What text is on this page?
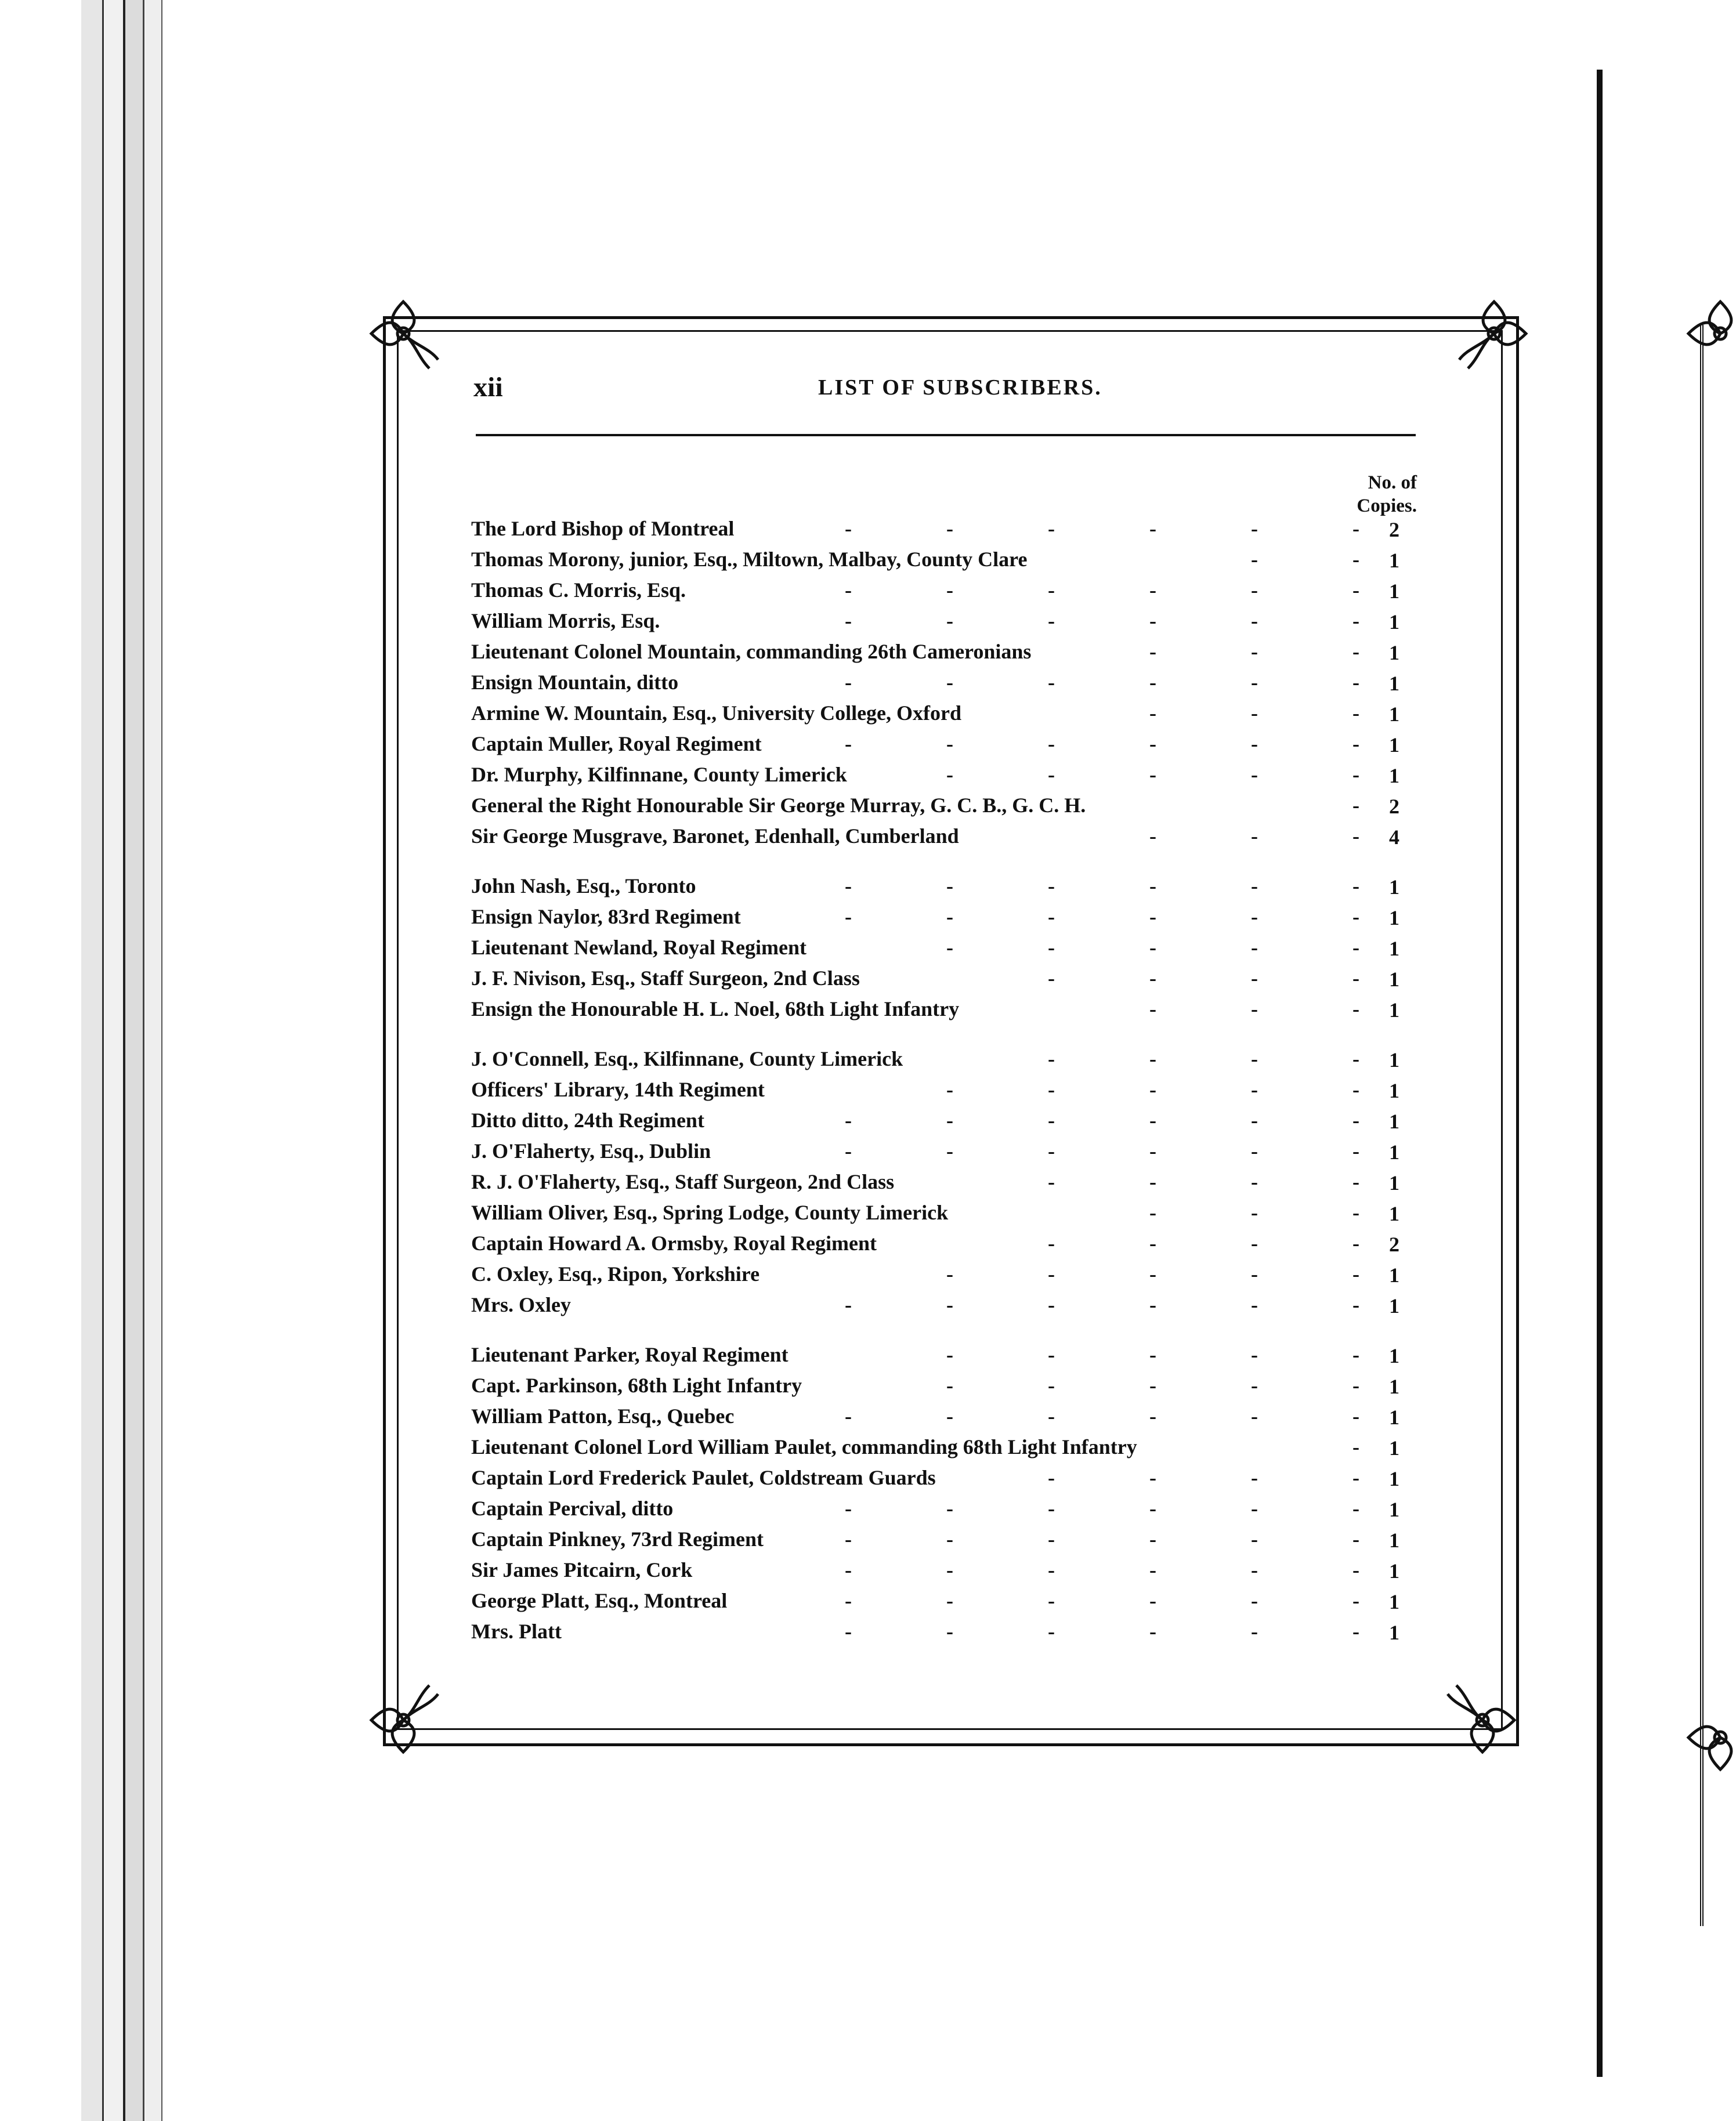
xii	LIST OF SUBSCRIBERS.
No. of
Copies.
The Lord Bishop of Montreal	-	-	-	-	-	-	2
Thomas Morony, junior, Esq., Miltown, Malbay, County Clare	-	-	1
Thomas C. Morris, Esq.	-	-	-	-	-	-	1
William Morris, Esq.	-	-	-	-	-	-	1
Lieutenant Colonel Mountain, commanding 26th Cameronians	-	-	-	1
Ensign Mountain, ditto	-	-	-	-	-	-	1
Armine W. Mountain, Esq., University College, Oxford	-	-	-	1
Captain Muller, Royal Regiment	-	-	-	-	-	-	1
Dr. Murphy, Kilfinnane, County Limerick	-	-	-	-	-	1
General the Right Honourable Sir George Murray, G. C. B., G. C. H.	-	2
Sir George Musgrave, Baronet, Edenhall, Cumberland	-	-	-	4
John Nash, Esq., Toronto	-	-	-	-	-	-	1
Ensign Naylor, 83rd Regiment	-	-	-	-	-	-	1
Lieutenant Newland, Royal Regiment	-	-	-	-	-	1
J. F. Nivison, Esq., Staff Surgeon, 2nd Class	-	-	-	-	1
Ensign the Honourable H. L. Noel, 68th Light Infantry	-	-	-	1
J. O'Connell, Esq., Kilfinnane, County Limerick	-	-	-	-	1
Officers' Library, 14th Regiment	-	-	-	-	-	1
Ditto ditto, 24th Regiment	-	-	-	-	-	-	1
J. O'Flaherty, Esq., Dublin	-	-	-	-	-	-	1
R. J. O'Flaherty, Esq., Staff Surgeon, 2nd Class	-	-	-	-	1
William Oliver, Esq., Spring Lodge, County Limerick	-	-	-	1
Captain Howard A. Ormsby, Royal Regiment	-	-	-	-	2
C. Oxley, Esq., Ripon, Yorkshire	-	-	-	-	-	1
Mrs. Oxley	-	-	-	-	-	-	1
Lieutenant Parker, Royal Regiment	-	-	-	-	-	1
Capt. Parkinson, 68th Light Infantry	-	-	-	-	-	1
William Patton, Esq., Quebec	-	-	-	-	-	-	1
Lieutenant Colonel Lord William Paulet, commanding 68th Light Infantry	-	1
Captain Lord Frederick Paulet, Coldstream Guards	-	-	-	-	1
Captain Percival, ditto	-	-	-	-	-	-	1
Captain Pinkney, 73rd Regiment	-	-	-	-	-	-	1
Sir James Pitcairn, Cork	-	-	-	-	-	-	1
George Platt, Esq., Montreal	-	-	-	-	-	-	1
Mrs. Platt	-	-	-	-	-	-	1
